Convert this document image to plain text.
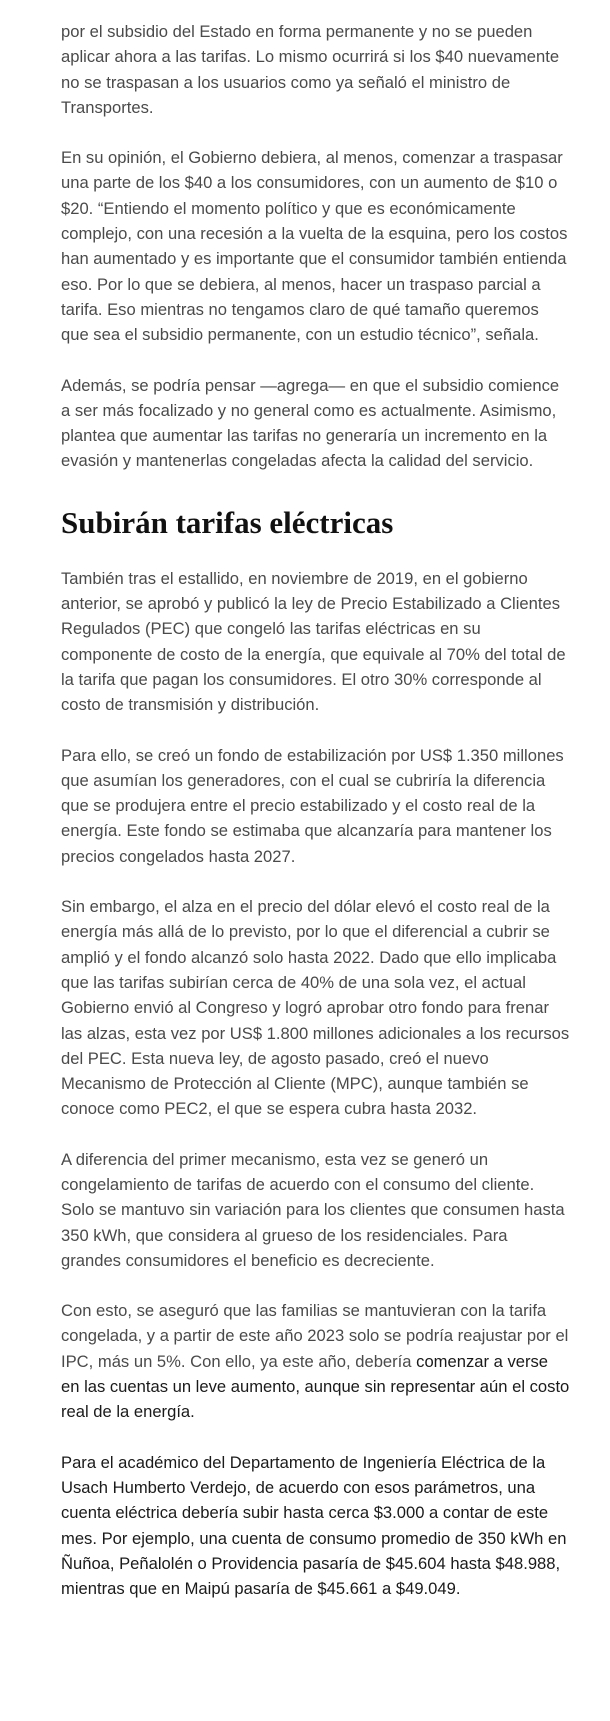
por el subsidio del Estado en forma permanente y no se pueden aplicar ahora a las tarifas. Lo mismo ocurrirá si los $40 nuevamente no se traspasan a los usuarios como ya señaló el ministro de Transportes.

En su opinión, el Gobierno debiera, al menos, comenzar a traspasar una parte de los $40 a los consumidores, con un aumento de $10 o $20. “Entiendo el momento político y que es económicamente complejo, con una recesión a la vuelta de la esquina, pero los costos han aumentado y es importante que el consumidor también entienda eso. Por lo que se debiera, al menos, hacer un traspaso parcial a tarifa. Eso mientras no tengamos claro de qué tamaño queremos que sea el subsidio permanente, con un estudio técnico”, señala.

Además, se podría pensar —agrega— en que el subsidio comience a ser más focalizado y no general como es actualmente. Asimismo, plantea que aumentar las tarifas no generaría un incremento en la evasión y mantenerlas congeladas afecta la calidad del servicio.

Subirán tarifas eléctricas

También tras el estallido, en noviembre de 2019, en el gobierno anterior, se aprobó y publicó la ley de Precio Estabilizado a Clientes Regulados (PEC) que congeló las tarifas eléctricas en su componente de costo de la energía, que equivale al 70% del total de la tarifa que pagan los consumidores. El otro 30% corresponde al costo de transmisión y distribución.

Para ello, se creó un fondo de estabilización por US$ 1.350 millones que asumían los generadores, con el cual se cubriría la diferencia que se produjera entre el precio estabilizado y el costo real de la energía. Este fondo se estimaba que alcanzaría para mantener los precios congelados hasta 2027.

Sin embargo, el alza en el precio del dólar elevó el costo real de la energía más allá de lo previsto, por lo que el diferencial a cubrir se amplió y el fondo alcanzó solo hasta 2022. Dado que ello implicaba que las tarifas subirían cerca de 40% de una sola vez, el actual Gobierno envió al Congreso y logró aprobar otro fondo para frenar las alzas, esta vez por US$ 1.800 millones adicionales a los recursos del PEC. Esta nueva ley, de agosto pasado, creó el nuevo Mecanismo de Protección al Cliente (MPC), aunque también se conoce como PEC2, el que se espera cubra hasta 2032.

A diferencia del primer mecanismo, esta vez se generó un congelamiento de tarifas de acuerdo con el consumo del cliente. Solo se mantuvo sin variación para los clientes que consumen hasta 350 kWh, que considera al grueso de los residenciales. Para grandes consumidores el beneficio es decreciente.

Con esto, se aseguró que las familias se mantuvieran con la tarifa congelada, y a partir de este año 2023 solo se podría reajustar por el IPC, más un 5%. Con ello, ya este año, debería comenzar a verse en las cuentas un leve aumento, aunque sin representar aún el costo real de la energía.

Para el académico del Departamento de Ingeniería Eléctrica de la Usach Humberto Verdejo, de acuerdo con esos parámetros, una cuenta eléctrica debería subir hasta cerca $3.000 a contar de este mes. Por ejemplo, una cuenta de consumo promedio de 350 kWh en Ñuñoa, Peñalolén o Providencia pasaría de $45.604 hasta $48.988, mientras que en Maipú pasaría de $45.661 a $49.049.
